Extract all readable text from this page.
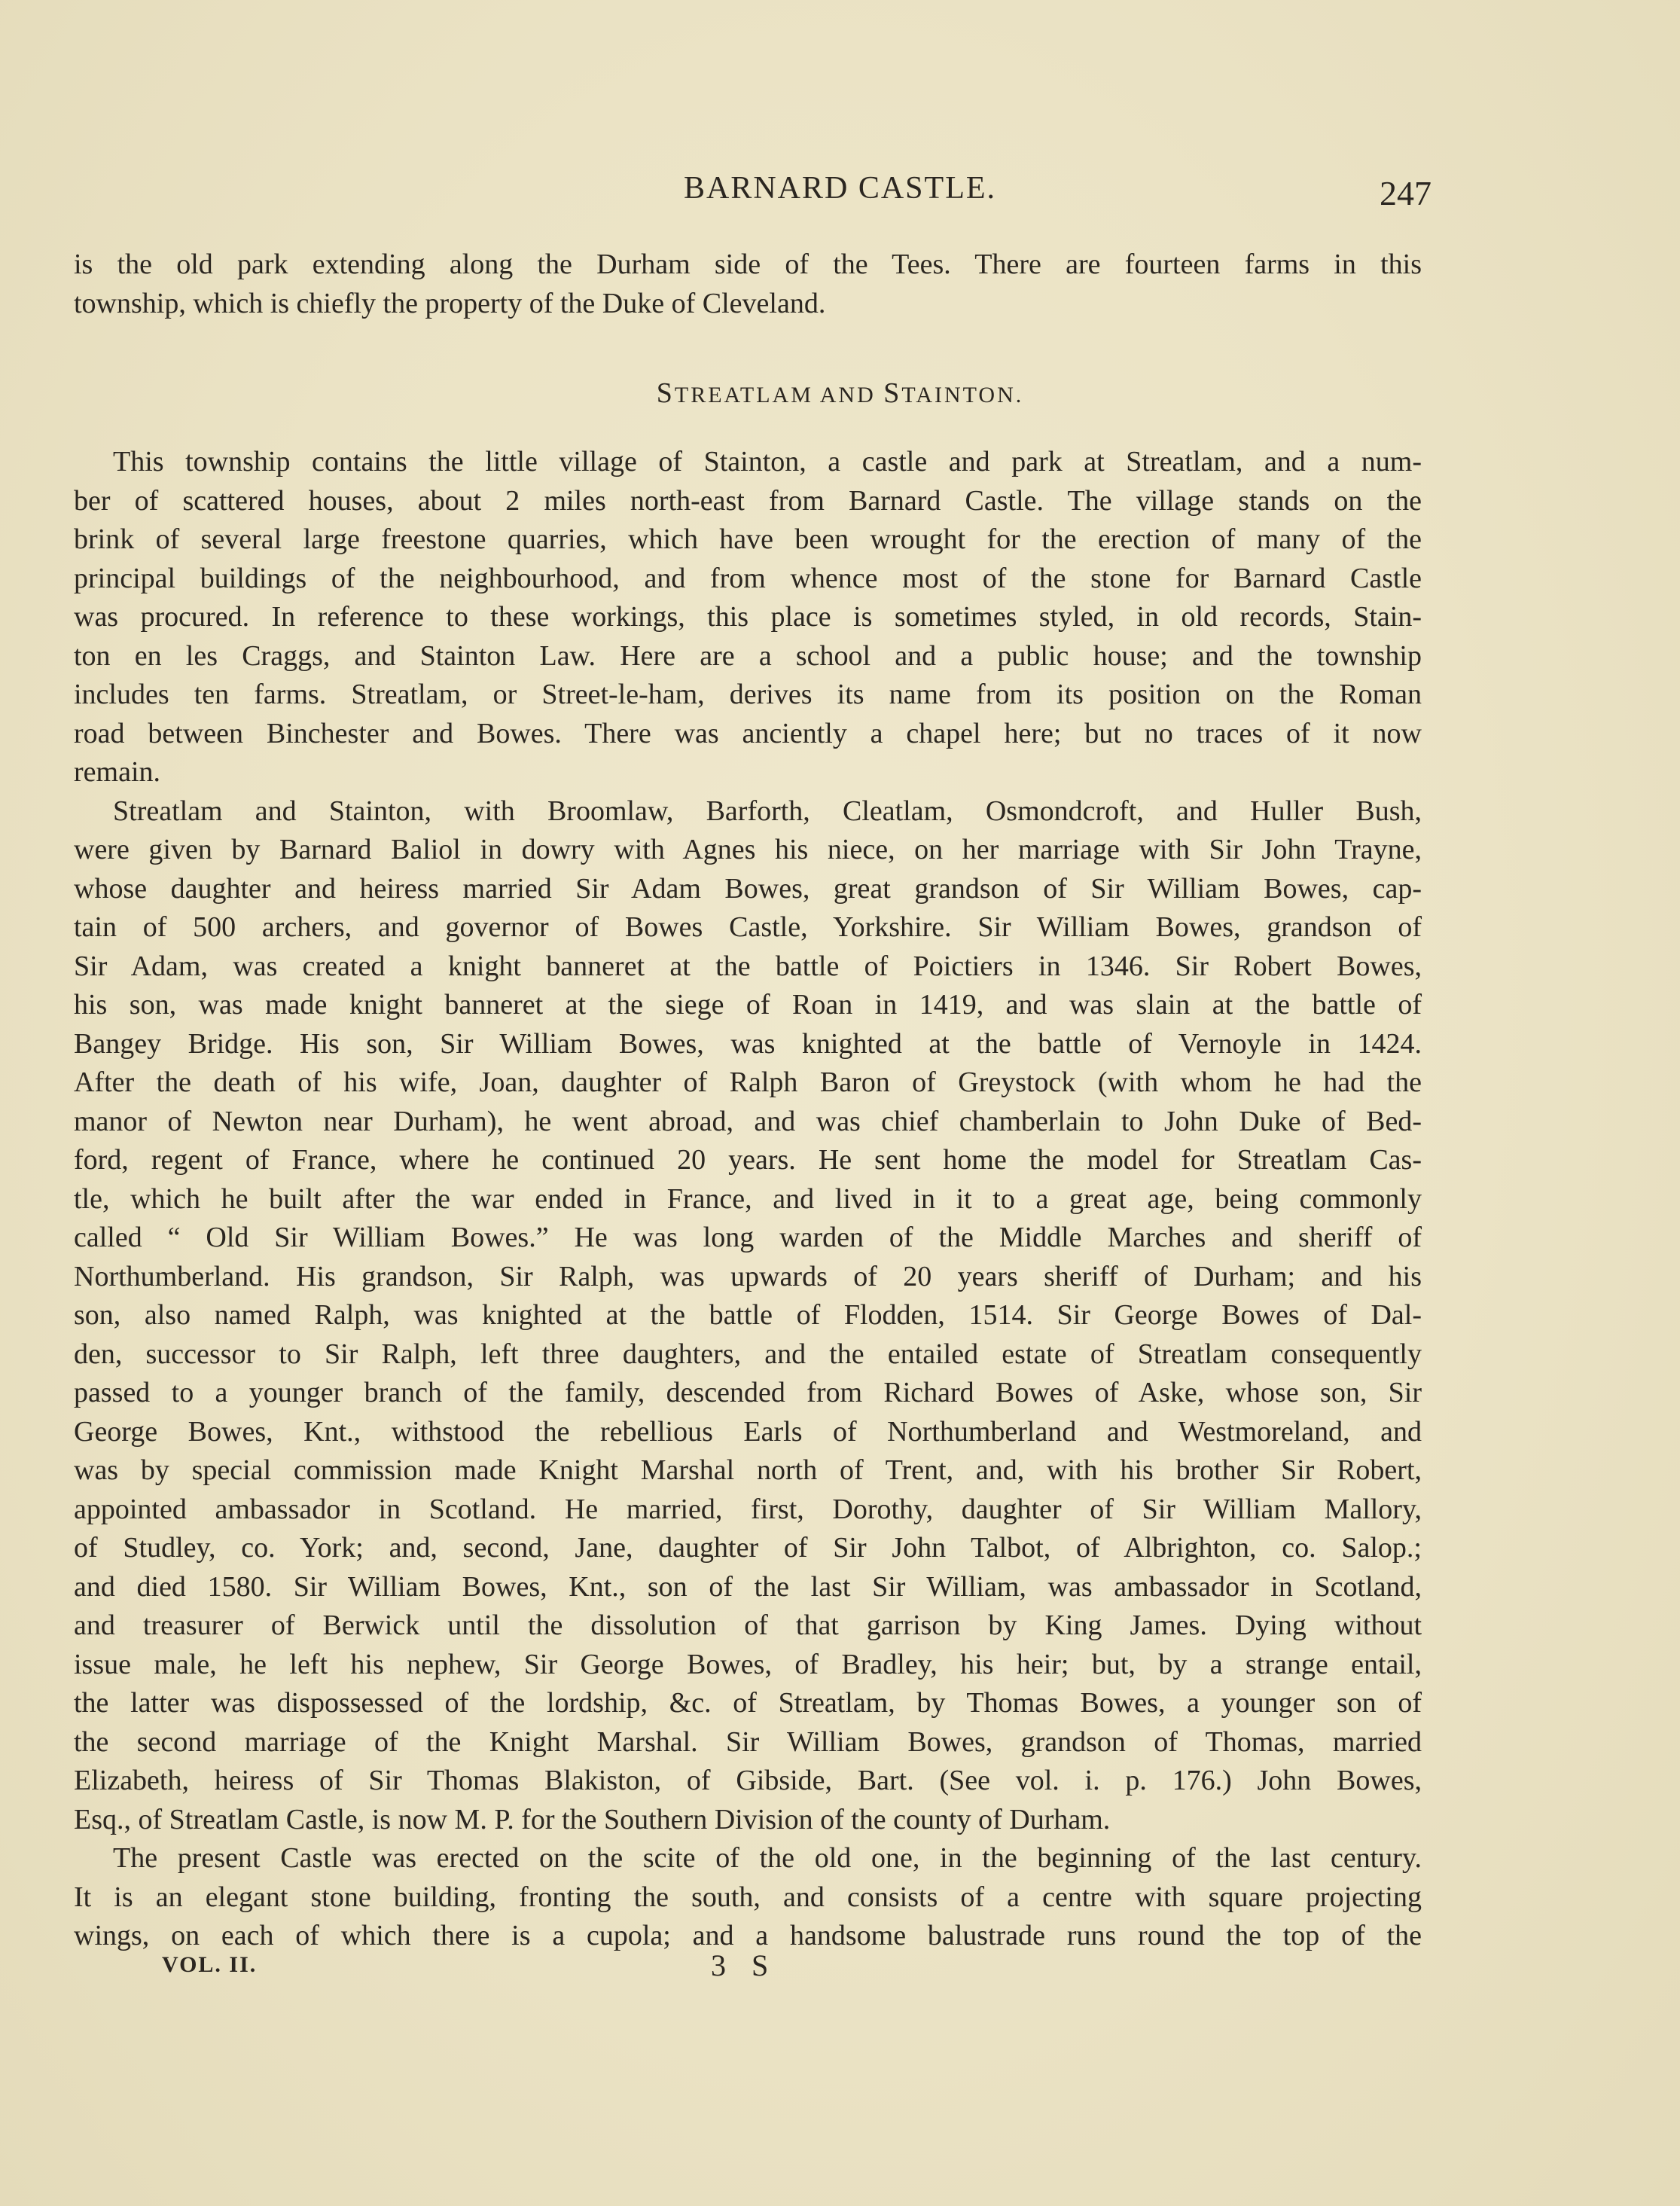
BARNARD CASTLE.	247
is the old park extending along the Durham side of the Tees. There are fourteen farms in this
township, which is chiefly the property of the Duke of Cleveland.
STREATLAM AND STAINTON.
This township contains the little village of Stainton, a castle and park at Streatlam, and a num-
ber of scattered houses, about 2 miles north-east from Barnard Castle. The village stands on the
brink of several large freestone quarries, which have been wrought for the erection of many of the
principal buildings of the neighbourhood, and from whence most of the stone for Barnard Castle
was procured. In reference to these workings, this place is sometimes styled, in old records, Stain-
ton en les Craggs, and Stainton Law. Here are a school and a public house; and the township
includes ten farms. Streatlam, or Street-le-ham, derives its name from its position on the Roman
road between Binchester and Bowes. There was anciently a chapel here; but no traces of it now
remain.
Streatlam and Stainton, with Broomlaw, Barforth, Cleatlam, Osmondcroft, and Huller Bush,
were given by Barnard Baliol in dowry with Agnes his niece, on her marriage with Sir John Trayne,
whose daughter and heiress married Sir Adam Bowes, great grandson of Sir William Bowes, cap-
tain of 500 archers, and governor of Bowes Castle, Yorkshire. Sir William Bowes, grandson of
Sir Adam, was created a knight banneret at the battle of Poictiers in 1346. Sir Robert Bowes,
his son, was made knight banneret at the siege of Roan in 1419, and was slain at the battle of
Bangey Bridge. His son, Sir William Bowes, was knighted at the battle of Vernoyle in 1424.
After the death of his wife, Joan, daughter of Ralph Baron of Greystock (with whom he had the
manor of Newton near Durham), he went abroad, and was chief chamberlain to John Duke of Bed-
ford, regent of France, where he continued 20 years. He sent home the model for Streatlam Cas-
tle, which he built after the war ended in France, and lived in it to a great age, being commonly
called “ Old Sir William Bowes.” He was long warden of the Middle Marches and sheriff of
Northumberland. His grandson, Sir Ralph, was upwards of 20 years sheriff of Durham; and his
son, also named Ralph, was knighted at the battle of Flodden, 1514. Sir George Bowes of Dal-
den, successor to Sir Ralph, left three daughters, and the entailed estate of Streatlam consequently
passed to a younger branch of the family, descended from Richard Bowes of Aske, whose son, Sir
George Bowes, Knt., withstood the rebellious Earls of Northumberland and Westmoreland, and
was by special commission made Knight Marshal north of Trent, and, with his brother Sir Robert,
appointed ambassador in Scotland. He married, first, Dorothy, daughter of Sir William Mallory,
of Studley, co. York; and, second, Jane, daughter of Sir John Talbot, of Albrighton, co. Salop.;
and died 1580. Sir William Bowes, Knt., son of the last Sir William, was ambassador in Scotland,
and treasurer of Berwick until the dissolution of that garrison by King James. Dying without
issue male, he left his nephew, Sir George Bowes, of Bradley, his heir; but, by a strange entail,
the latter was dispossessed of the lordship, &c. of Streatlam, by Thomas Bowes, a younger son of
the second marriage of the Knight Marshal. Sir William Bowes, grandson of Thomas, married
Elizabeth, heiress of Sir Thomas Blakiston, of Gibside, Bart. (See vol. i. p. 176.) John Bowes,
Esq., of Streatlam Castle, is now M. P. for the Southern Division of the county of Durham.
The present Castle was erected on the scite of the old one, in the beginning of the last century.
It is an elegant stone building, fronting the south, and consists of a centre with square projecting
wings, on each of which there is a cupola; and a handsome balustrade runs round the top of the
VOL. II.	3 S
